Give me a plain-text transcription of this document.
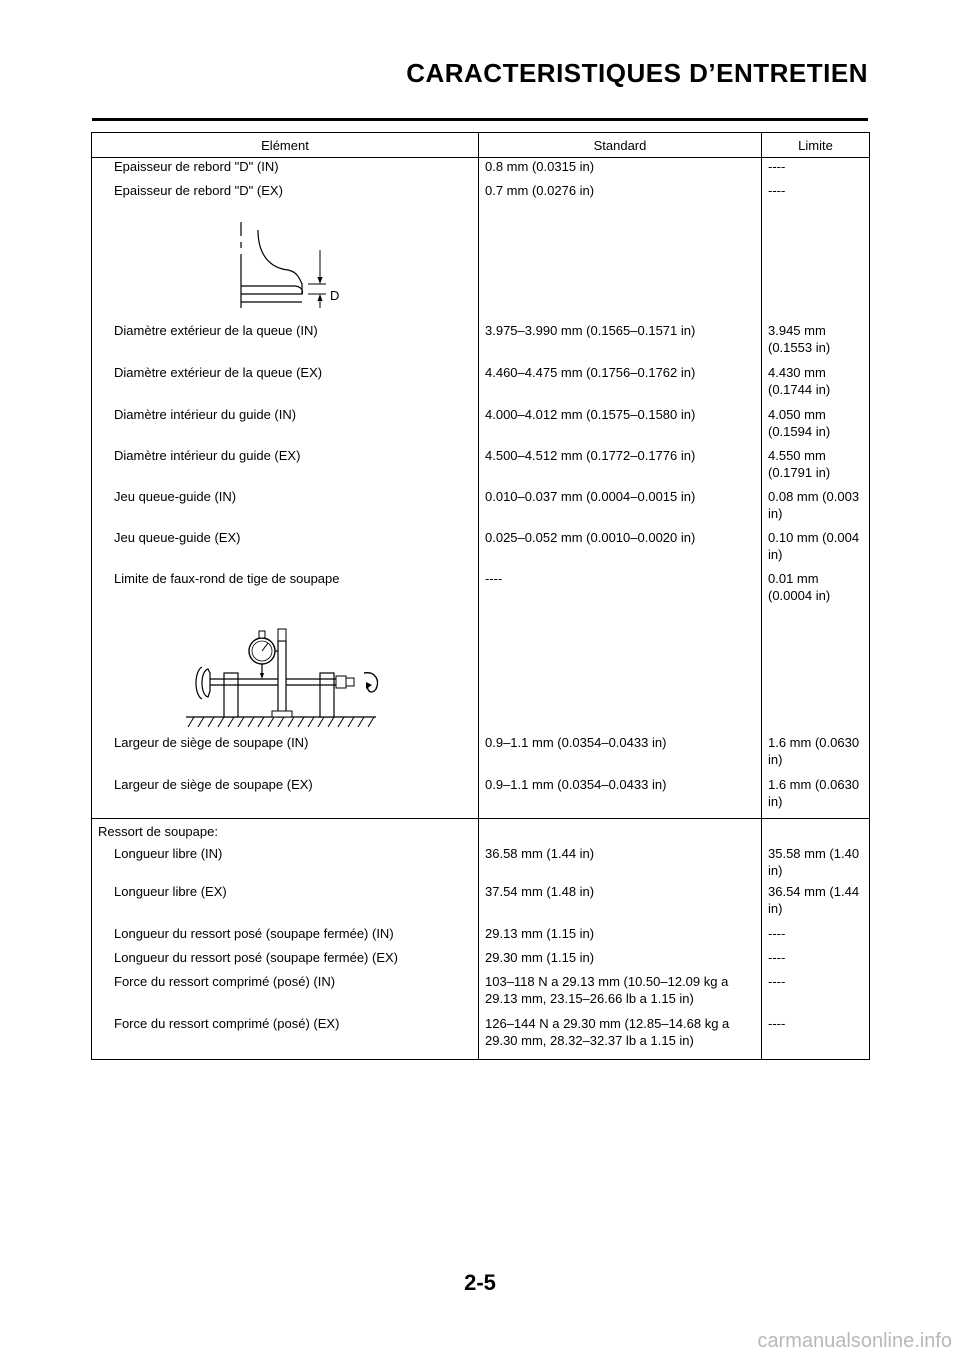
CARACTERISTIQUES D’ENTRETIEN
Elément	Standard	Limite
Epaisseur de rebord "D" (IN)	0.8 mm (0.0315 in)	----
Epaisseur de rebord "D" (EX)	0.7 mm (0.0276 in)	----

D		

Diamètre extérieur de la queue (IN)	3.975–3.990 mm (0.1565–0.1571 in)	3.945 mm
(0.1553 in)
Diamètre extérieur de la queue (EX)	4.460–4.475 mm (0.1756–0.1762 in)	4.430 mm
(0.1744 in)
Diamètre intérieur du guide (IN)	4.000–4.012 mm (0.1575–0.1580 in)	4.050 mm
(0.1594 in)
Diamètre intérieur du guide (EX)	4.500–4.512 mm (0.1772–0.1776 in)	4.550 mm
(0.1791 in)
Jeu queue-guide (IN)	0.010–0.037 mm (0.0004–0.0015 in)	0.08 mm (0.003
in)
Jeu queue-guide (EX)	0.025–0.052 mm (0.0010–0.0020 in)	0.10 mm (0.004
in)
Limite de faux-rond de tige de soupape	----	0.01 mm
(0.0004 in)

Largeur de siège de soupape (IN)	0.9–1.1 mm (0.0354–0.0433 in)	1.6 mm (0.0630
in)
Largeur de siège de soupape (EX)	0.9–1.1 mm (0.0354–0.0433 in)	1.6 mm (0.0630
in)
Ressort de soupape:		
Longueur libre (IN)	36.58 mm (1.44 in)	35.58 mm (1.40
in)
Longueur libre (EX)	37.54 mm (1.48 in)	36.54 mm (1.44
in)
Longueur du ressort posé (soupape fermée) (IN)	29.13 mm (1.15 in)	----
Longueur du ressort posé (soupape fermée) (EX)	29.30 mm (1.15 in)	----
Force du ressort comprimé (posé) (IN)	103–118 N a 29.13 mm (10.50–12.09 kg a
29.13 mm, 23.15–26.66 lb a 1.15 in)	----
Force du ressort comprimé (posé) (EX)	126–144 N a 29.30 mm (12.85–14.68 kg a
29.30 mm, 28.32–32.37 lb a 1.15 in)	----
2-5
carmanualsonline.info
